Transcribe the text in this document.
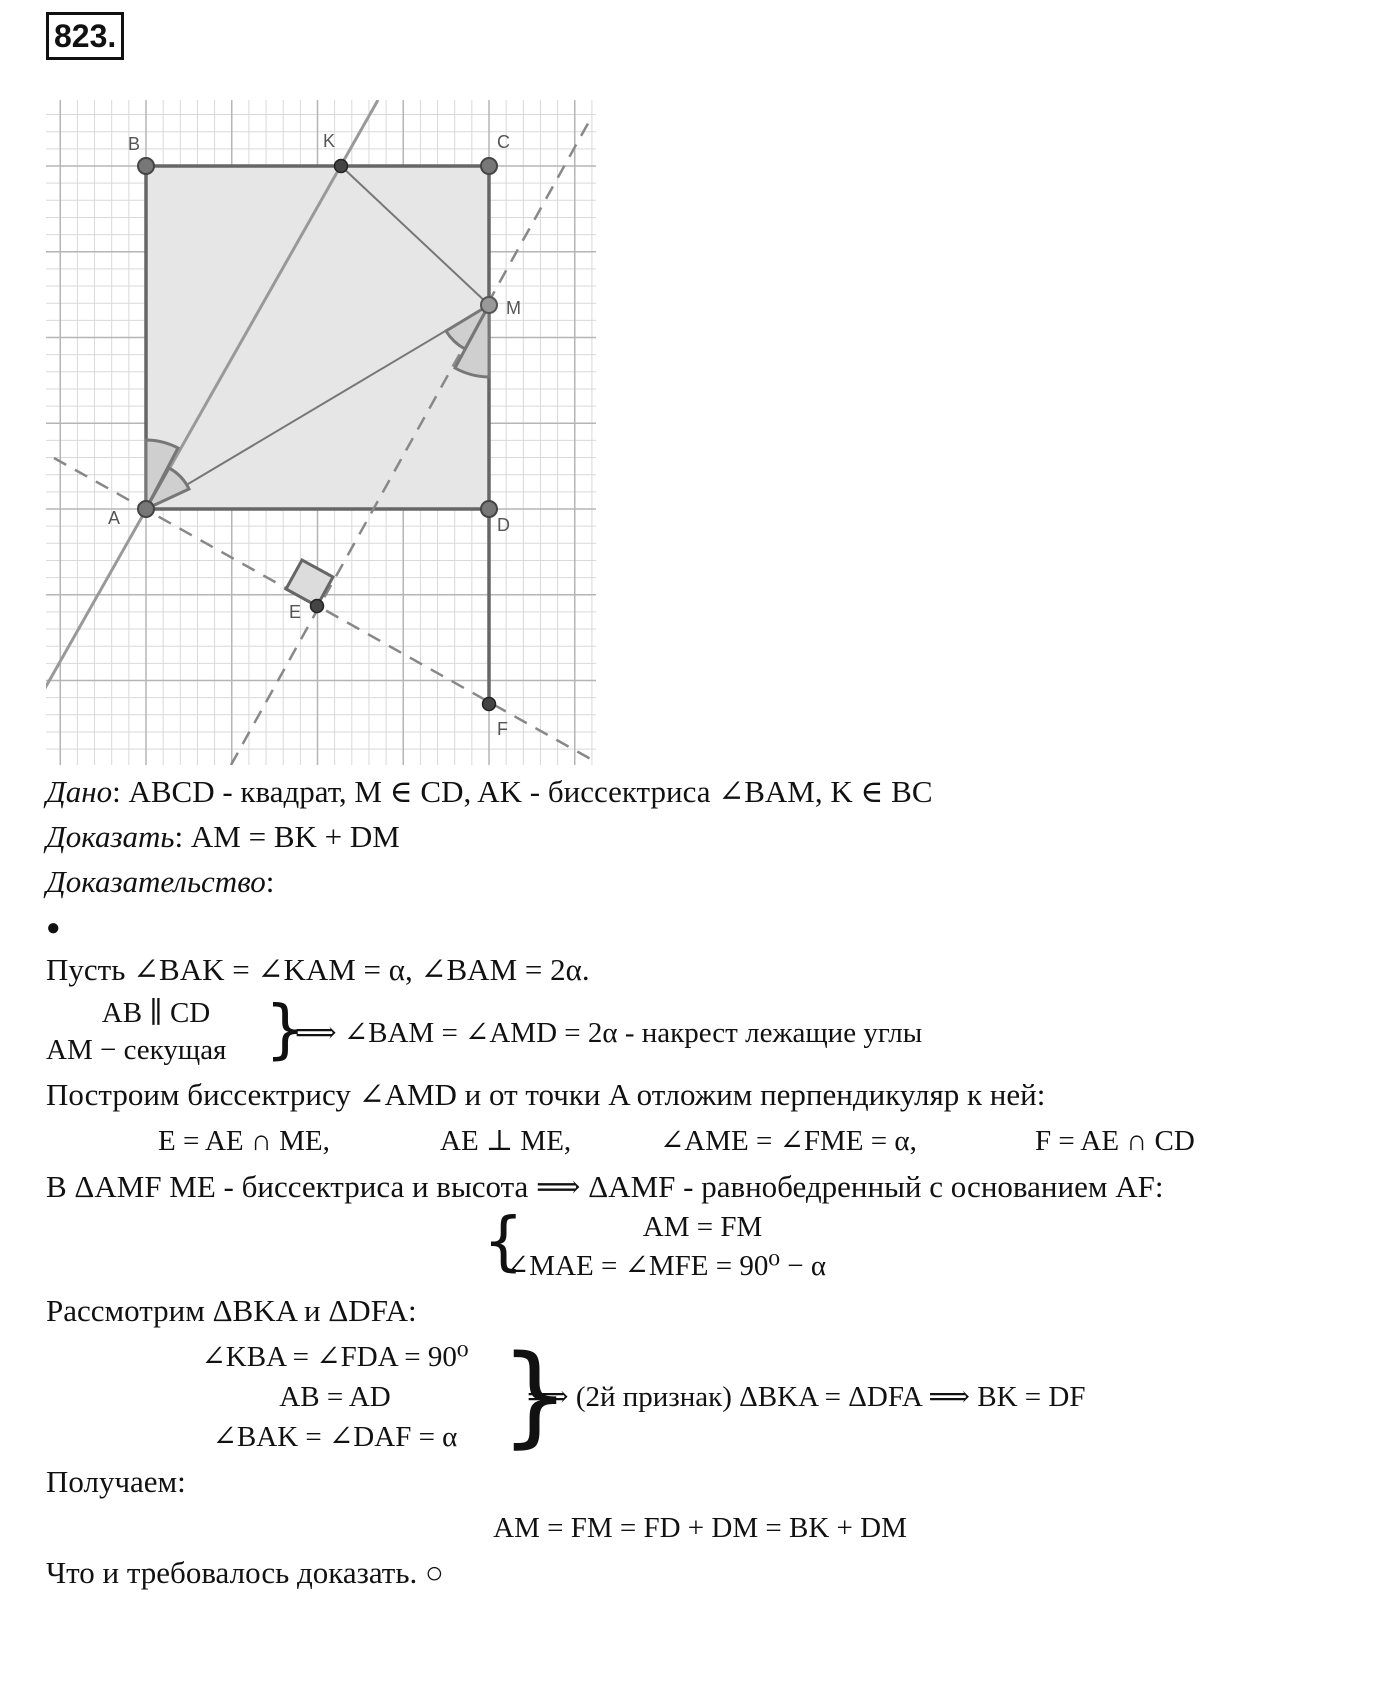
823.
B	K	C
M
A	D
E
F
Дано: ABCD - квадрат, M ∈ CD, AK - биссектриса ∠BAM, K ∈ BC
Доказать: AM = BK + DM
Доказательство:
●
Пусть ∠BAK = ∠KAM = α, ∠BAM = 2α.
AB ∥ CD
AM − секущая }
⟹ ∠BAM = ∠AMD = 2α - накрест лежащие углы
Построим биссектрису ∠AMD и от точки A отложим перпендикуляр к ней:
E = AE ∩ ME,	AE ⊥ ME,	∠AME = ∠FME = α,	F = AE ∩ CD
В ΔAMF ME - биссектриса и высота ⟹ ΔAMF - равнобедренный с основанием AF:
{	AM = FM
∠MAE = ∠MFE = 90⁰ − α
Рассмотрим ΔBKA и ΔDFA:
∠KBA = ∠FDA = 90⁰
AB = AD
∠BAK = ∠DAF = α }
⟹ (2й признак) ΔBKA = ΔDFA ⟹ BK = DF
Получаем:
AM = FM = FD + DM = BK + DM
Что и требовалось доказать. ○
